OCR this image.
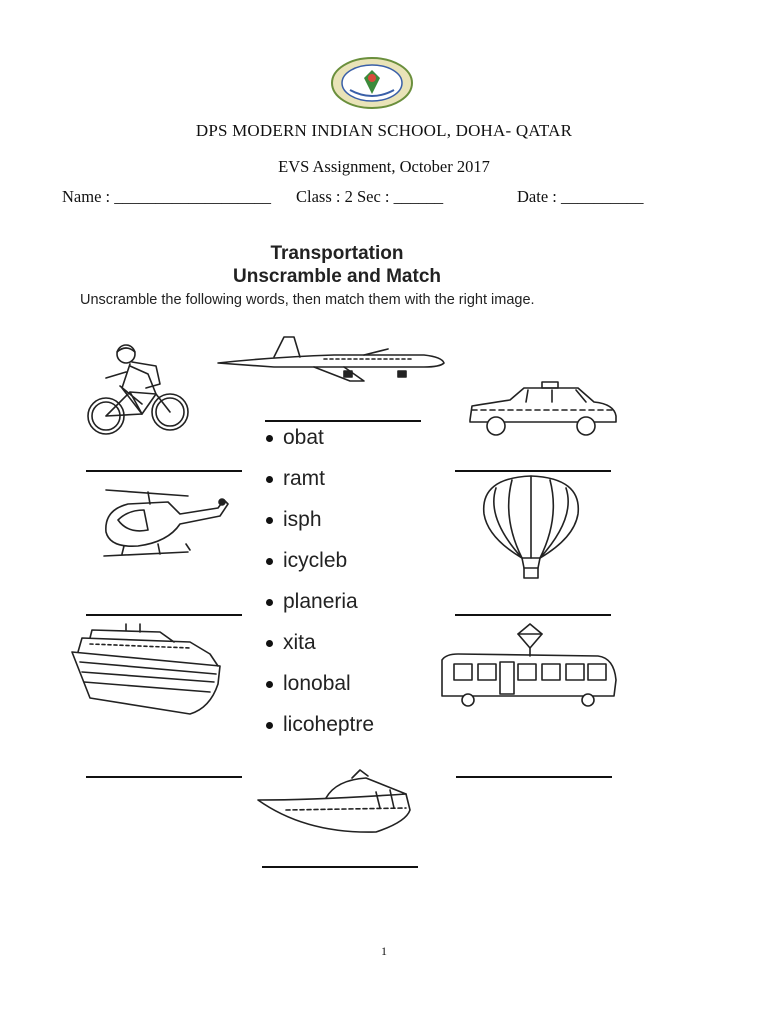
DPS MODERN INDIAN SCHOOL, DOHA- QATAR
EVS Assignment, October 2017
Name : ___________________ Class : 2 Sec : ______	Date : __________
Transportation
Unscramble and Match
Unscramble the following words, then match them with the right image.
obat
ramt
isph
icycleb
planeria
xita
lonobal
licoheptre
1
